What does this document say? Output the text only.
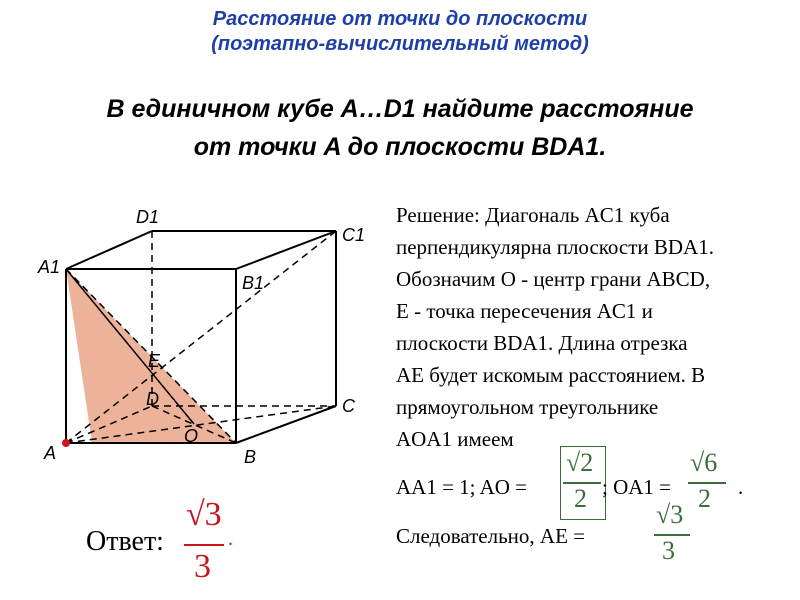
Расстояние от точки до плоскости
(поэтапно-вычислительный метод)
В единичном кубе A…D1 найдите расстояние
от точки A до плоскости BDA1.
D1
C1
A1
B1
E
D	C
O
A	B
Решение: Диагональ AC1 куба
перпендикулярна плоскости BDA1.
Обозначим O - центр грани ABCD,
E - точка пересечения AC1 и
плоскости BDA1. Длина отрезка
AE будет искомым расстоянием. В
прямоугольном треугольнике
AOA1 имеем
AA1 = 1; AO =
√2
2 ; OA1 =
√6
2 .
Следовательно, AE =
√3
3
Ответ:
√3
3
.
